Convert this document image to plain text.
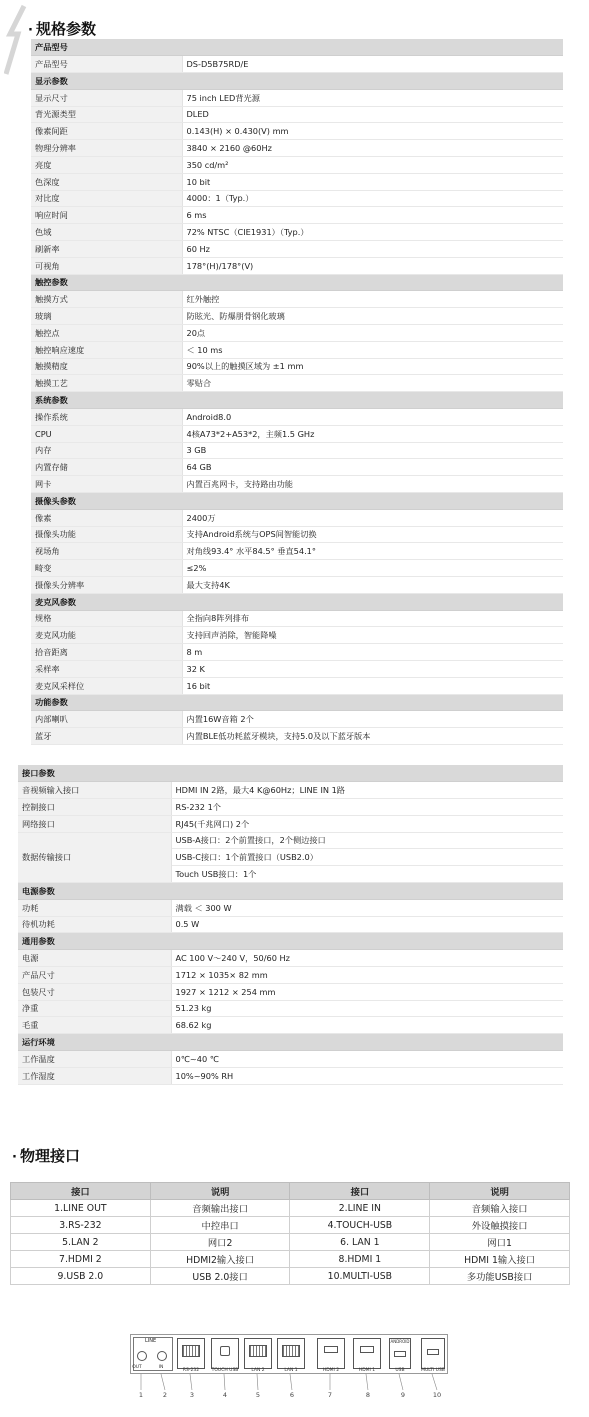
· 规格参数
产品型号	
产品型号	DS-D5B75RD/E
显示参数	
显示尺寸	75 inch LED背光源
背光源类型	DLED
像素间距	0.143(H) × 0.430(V) mm
物理分辨率	3840 × 2160 @60Hz
亮度	350 cd/m²
色深度	10 bit
对比度	4000：1（Typ.）
响应时间	6 ms
色域	72% NTSC（CIE1931）（Typ.）
刷新率	60 Hz
可视角	178°(H)/178°(V)
触控参数	
触摸方式	红外触控
玻璃	防眩光、防爆朋骨钢化玻璃
触控点	20点
触控响应速度	＜ 10 ms
触摸精度	90%以上的触摸区域为 ±1 mm
触摸工艺	零贴合
系统参数	
操作系统	Android8.0
CPU	4核A73*2+A53*2，主频1.5 GHz
内存	3 GB
内置存储	64 GB
网卡	内置百兆网卡，支持路由功能
摄像头参数	
像素	2400万
摄像头功能	支持Android系统与OPS间智能切换
视场角	对角线93.4° 水平84.5° 垂直54.1°
畸变	≤2%
摄像头分辨率	最大支持4K
麦克风参数	
规格	全指向8阵列排布
麦克风功能	支持回声消除，智能降噪
拾音距离	8 m
采样率	32 K
麦克风采样位	16 bit
功能参数	
内部喇叭	内置16W音箱 2个
蓝牙	内置BLE低功耗蓝牙模块，支持5.0及以下蓝牙版本
接口参数	
音视频输入接口	HDMI IN 2路，最大4 K@60Hz；LINE IN 1路
控制接口	RS-232 1个
网络接口	RJ45(千兆网口) 2个
数据传输接口	USB-A接口：2个前置接口，2个侧边接口
	USB-C接口：1个前置接口（USB2.0）
	Touch USB接口：1个
电源参数	
功耗	满载 ＜ 300 W
待机功耗	0.5 W
通用参数	
电源	AC 100 V～240 V，50/60 Hz
产品尺寸	1712 × 1035× 82 mm
包装尺寸	1927 × 1212 × 254 mm
净重	51.23 kg
毛重	68.62 kg
运行环境	
工作温度	0℃~40 ℃
工作湿度	10%~90% RH
· 物理接口
接口	说明	接口	说明
1.LINE OUT	音频输出接口	2.LINE IN	音频输入接口
3.RS-232	中控串口	4.TOUCH-USB	外设触摸接口
5.LAN 2	网口2	6. LAN 1	网口1
7.HDMI 2	HDMI2输入接口	8.HDMI 1	HDMI 1输入接口
9.USB 2.0	USB 2.0接口	10.MULTI-USB	多功能USB接口
LINE
OUT	IN
RS-232	TOUCH USB	LAN 2	LAN 1	HDMI 2	HDMI 1
ANDROID
USB	MULTI USB
1	2	3	4	5	6	7	8	9	10
